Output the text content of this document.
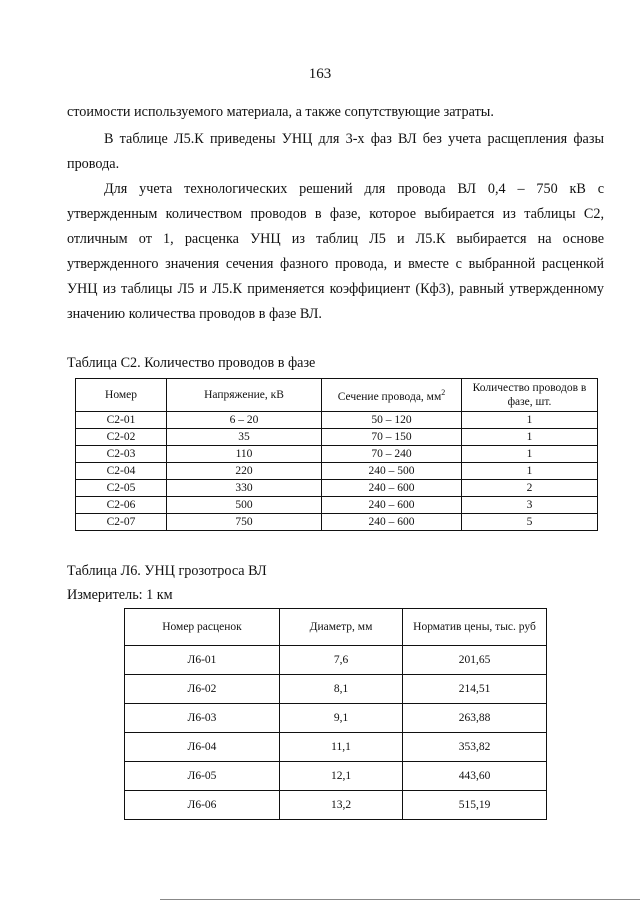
163

стоимости используемого материала, а также сопутствующие затраты.

В таблице Л5.К приведены УНЦ для 3-х фаз ВЛ без учета расщепления фазы провода.

Для учета технологических решений для провода ВЛ 0,4 – 750 кВ с утвержденным количеством проводов в фазе, которое выбирается из таблицы С2, отличным от 1, расценка УНЦ из таблиц Л5 и Л5.К выбирается на основе утвержденного значения сечения фазного провода, и вместе с выбранной расценкой УНЦ из таблицы Л5 и Л5.К применяется коэффициент (Кф3), равный утвержденному значению количества проводов в фазе ВЛ.

Таблица С2. Количество проводов в фазе

Номер	Напряжение, кВ	Сечение провода, $мм^2$	Количество проводов в фазе, шт.
С2-01	6 – 20	50 – 120	1
С2-02	35	70 – 150	1
С2-03	110	70 – 240	1
С2-04	220	240 – 500	1
С2-05	330	240 – 600	2
С2-06	500	240 – 600	3
С2-07	750	240 – 600	5

Таблица Л6. УНЦ грозотроса ВЛ

Измеритель: 1 км

Номер расценок	Диаметр, мм	Норматив цены, тыс. руб
Л6-01	7,6	201,65
Л6-02	8,1	214,51
Л6-03	9,1	263,88
Л6-04	11,1	353,82
Л6-05	12,1	443,60
Л6-06	13,2	515,19
